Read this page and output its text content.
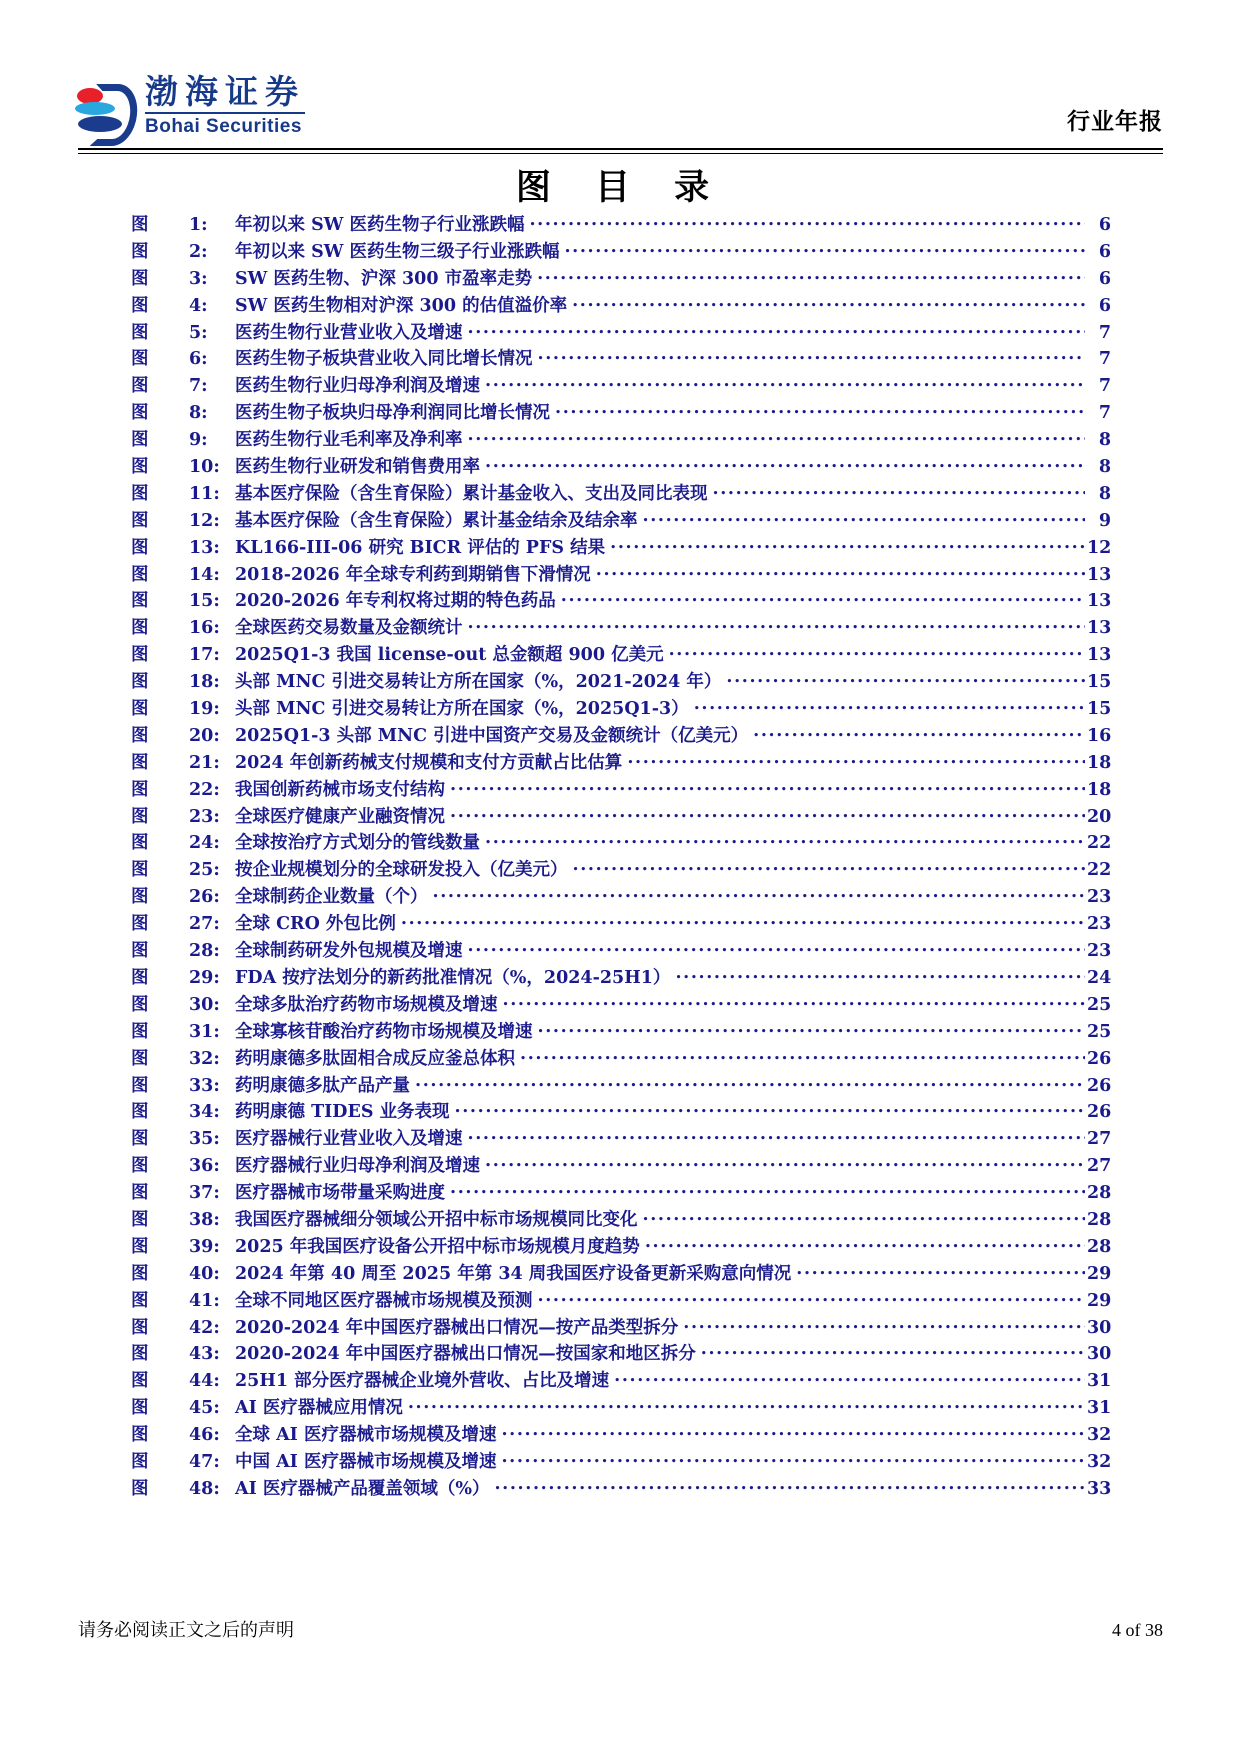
渤海证券
Bohai Securities	行业年报
图 目 录
图	1:	年初以来 SW 医药生物子行业涨跌幅 .....	6
图	2:	年初以来 SW 医药生物三级子行业涨跌幅 .....	6
图	3:	SW 医药生物、沪深 300 市盈率走势 .....	6
图	4:	SW 医药生物相对沪深 300 的估值溢价率 .....	6
图	5:	医药生物行业营业收入及增速 .....	7
图	6:	医药生物子板块营业收入同比增长情况 .....	7
图	7:	医药生物行业归母净利润及增速 .....	7
图	8:	医药生物子板块归母净利润同比增长情况 .....	7
图	9:	医药生物行业毛利率及净利率 .....	8
图	10: 医药生物行业研发和销售费用率 .....	8
图	11: 基本医疗保险（含生育保险）累计基金收入、支出及同比表现 .....	8
图	12: 基本医疗保险（含生育保险）累计基金结余及结余率 .....	9
图	13: KL166-III-06 研究 BICR 评估的 PFS 结果 .....	12
图	14: 2018-2026 年全球专利药到期销售下滑情况 .....	13
图	15: 2020-2026 年专利权将过期的特色药品 .....	13
图	16: 全球医药交易数量及金额统计 .....	13
图	17: 2025Q1-3 我国 license-out 总金额超 900 亿美元 .....	13
图	18: 头部 MNC 引进交易转让方所在国家（%，2021-2024 年） .....	15
图	19: 头部 MNC 引进交易转让方所在国家（%，2025Q1-3） .....	15
图	20: 2025Q1-3 头部 MNC 引进中国资产交易及金额统计（亿美元） .....	16
图	21: 2024 年创新药械支付规模和支付方贡献占比估算 .....	18
图	22: 我国创新药械市场支付结构 .....	18
图	23: 全球医疗健康产业融资情况 .....	20
图	24: 全球按治疗方式划分的管线数量 .....	22
图	25: 按企业规模划分的全球研发投入（亿美元） .....	22
图	26: 全球制药企业数量（个） .....	23
图	27: 全球 CRO 外包比例 .....	23
图	28: 全球制药研发外包规模及增速 .....	23
图	29: FDA 按疗法划分的新药批准情况（%，2024-25H1） .....	24
图	30: 全球多肽治疗药物市场规模及增速 .....	25
图	31: 全球寡核苷酸治疗药物市场规模及增速 .....	25
图	32: 药明康德多肽固相合成反应釜总体积 .....	26
图	33: 药明康德多肽产品产量 .....	26
图	34: 药明康德 TIDES 业务表现 .....	26
图	35: 医疗器械行业营业收入及增速 .....	27
图	36: 医疗器械行业归母净利润及增速 .....	27
图	37: 医疗器械市场带量采购进度 .....	28
图	38: 我国医疗器械细分领域公开招中标市场规模同比变化 .....	28
图	39: 2025 年我国医疗设备公开招中标市场规模月度趋势 .....	28
图	40: 2024 年第 40 周至 2025 年第 34 周我国医疗设备更新采购意向情况 .....	29
图	41: 全球不同地区医疗器械市场规模及预测 .....	29
图	42: 2020-2024 年中国医疗器械出口情况—按产品类型拆分 .....	30
图	43: 2020-2024 年中国医疗器械出口情况—按国家和地区拆分 .....	30
图	44: 25H1 部分医疗器械企业境外营收、占比及增速 .....	31
图	45: AI 医疗器械应用情况 .....	31
图	46: 全球 AI 医疗器械市场规模及增速 .....	32
图	47: 中国 AI 医疗器械市场规模及增速 .....	32
图	48: AI 医疗器械产品覆盖领域（%） .....	33
请务必阅读正文之后的声明	4 of 38
